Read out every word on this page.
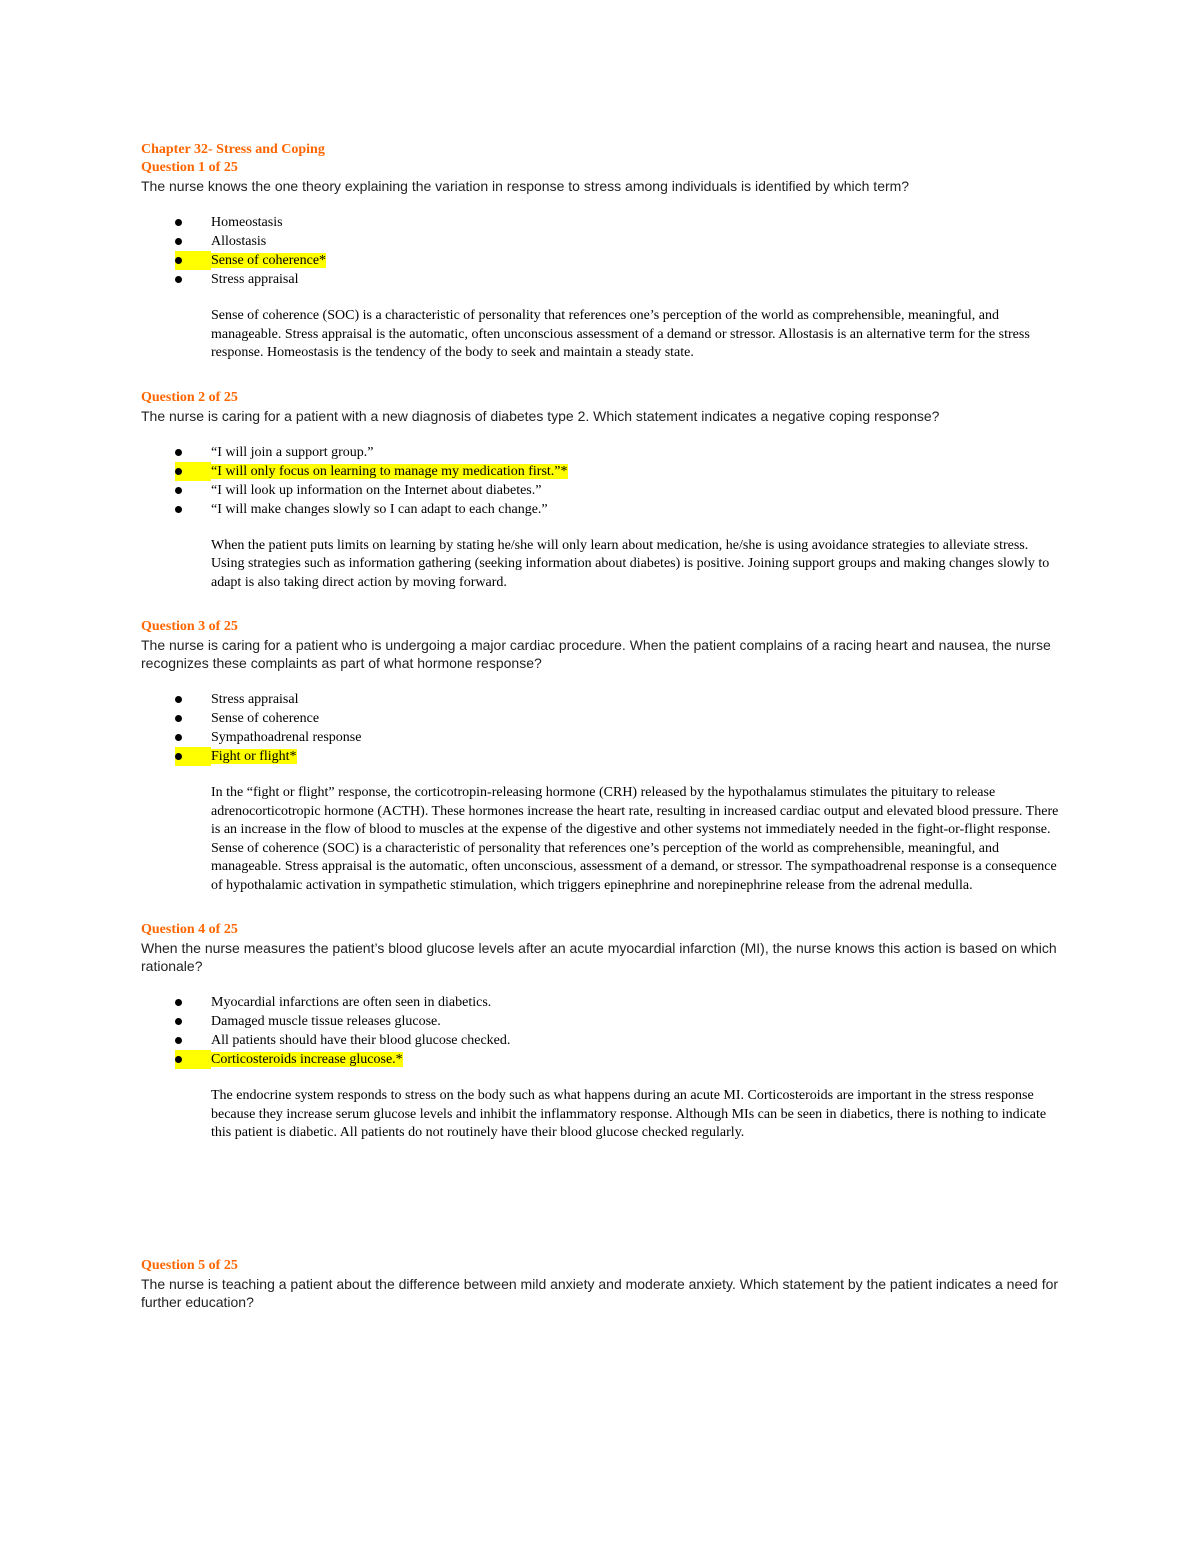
Chapter 32- Stress and Coping

Question 1 of 25

The nurse knows the one theory explaining the variation in response to stress among individuals is identified by which term?

Homeostasis
Allostasis
Sense of coherence*
Stress appraisal

Sense of coherence (SOC) is a characteristic of personality that references one’s perception of the world as comprehensible, meaningful, and manageable. Stress appraisal is the automatic, often unconscious assessment of a demand or stressor. Allostasis is an alternative term for the stress response. Homeostasis is the tendency of the body to seek and maintain a steady state.

Question 2 of 25

The nurse is caring for a patient with a new diagnosis of diabetes type 2. Which statement indicates a negative coping response?

“I will join a support group.”
“I will only focus on learning to manage my medication first.”*
“I will look up information on the Internet about diabetes.”
“I will make changes slowly so I can adapt to each change.”

When the patient puts limits on learning by stating he/she will only learn about medication, he/she is using avoidance strategies to alleviate stress. Using strategies such as information gathering (seeking information about diabetes) is positive. Joining support groups and making changes slowly to adapt is also taking direct action by moving forward.

Question 3 of 25

The nurse is caring for a patient who is undergoing a major cardiac procedure. When the patient complains of a racing heart and nausea, the nurse recognizes these complaints as part of what hormone response?

Stress appraisal
Sense of coherence
Sympathoadrenal response
Fight or flight*

In the “fight or flight” response, the corticotropin-releasing hormone (CRH) released by the hypothalamus stimulates the pituitary to release adrenocorticotropic hormone (ACTH). These hormones increase the heart rate, resulting in increased cardiac output and elevated blood pressure. There is an increase in the flow of blood to muscles at the expense of the digestive and other systems not immediately needed in the fight-or-flight response. Sense of coherence (SOC) is a characteristic of personality that references one’s perception of the world as comprehensible, meaningful, and manageable. Stress appraisal is the automatic, often unconscious, assessment of a demand, or stressor. The sympathoadrenal response is a consequence of hypothalamic activation in sympathetic stimulation, which triggers epinephrine and norepinephrine release from the adrenal medulla.

Question 4 of 25

When the nurse measures the patient’s blood glucose levels after an acute myocardial infarction (MI), the nurse knows this action is based on which rationale?

Myocardial infarctions are often seen in diabetics.
Damaged muscle tissue releases glucose.
All patients should have their blood glucose checked.
Corticosteroids increase glucose.*

The endocrine system responds to stress on the body such as what happens during an acute MI. Corticosteroids are important in the stress response because they increase serum glucose levels and inhibit the inflammatory response. Although MIs can be seen in diabetics, there is nothing to indicate this patient is diabetic. All patients do not routinely have their blood glucose checked regularly.

Question 5 of 25

The nurse is teaching a patient about the difference between mild anxiety and moderate anxiety. Which statement by the patient indicates a need for further education?
